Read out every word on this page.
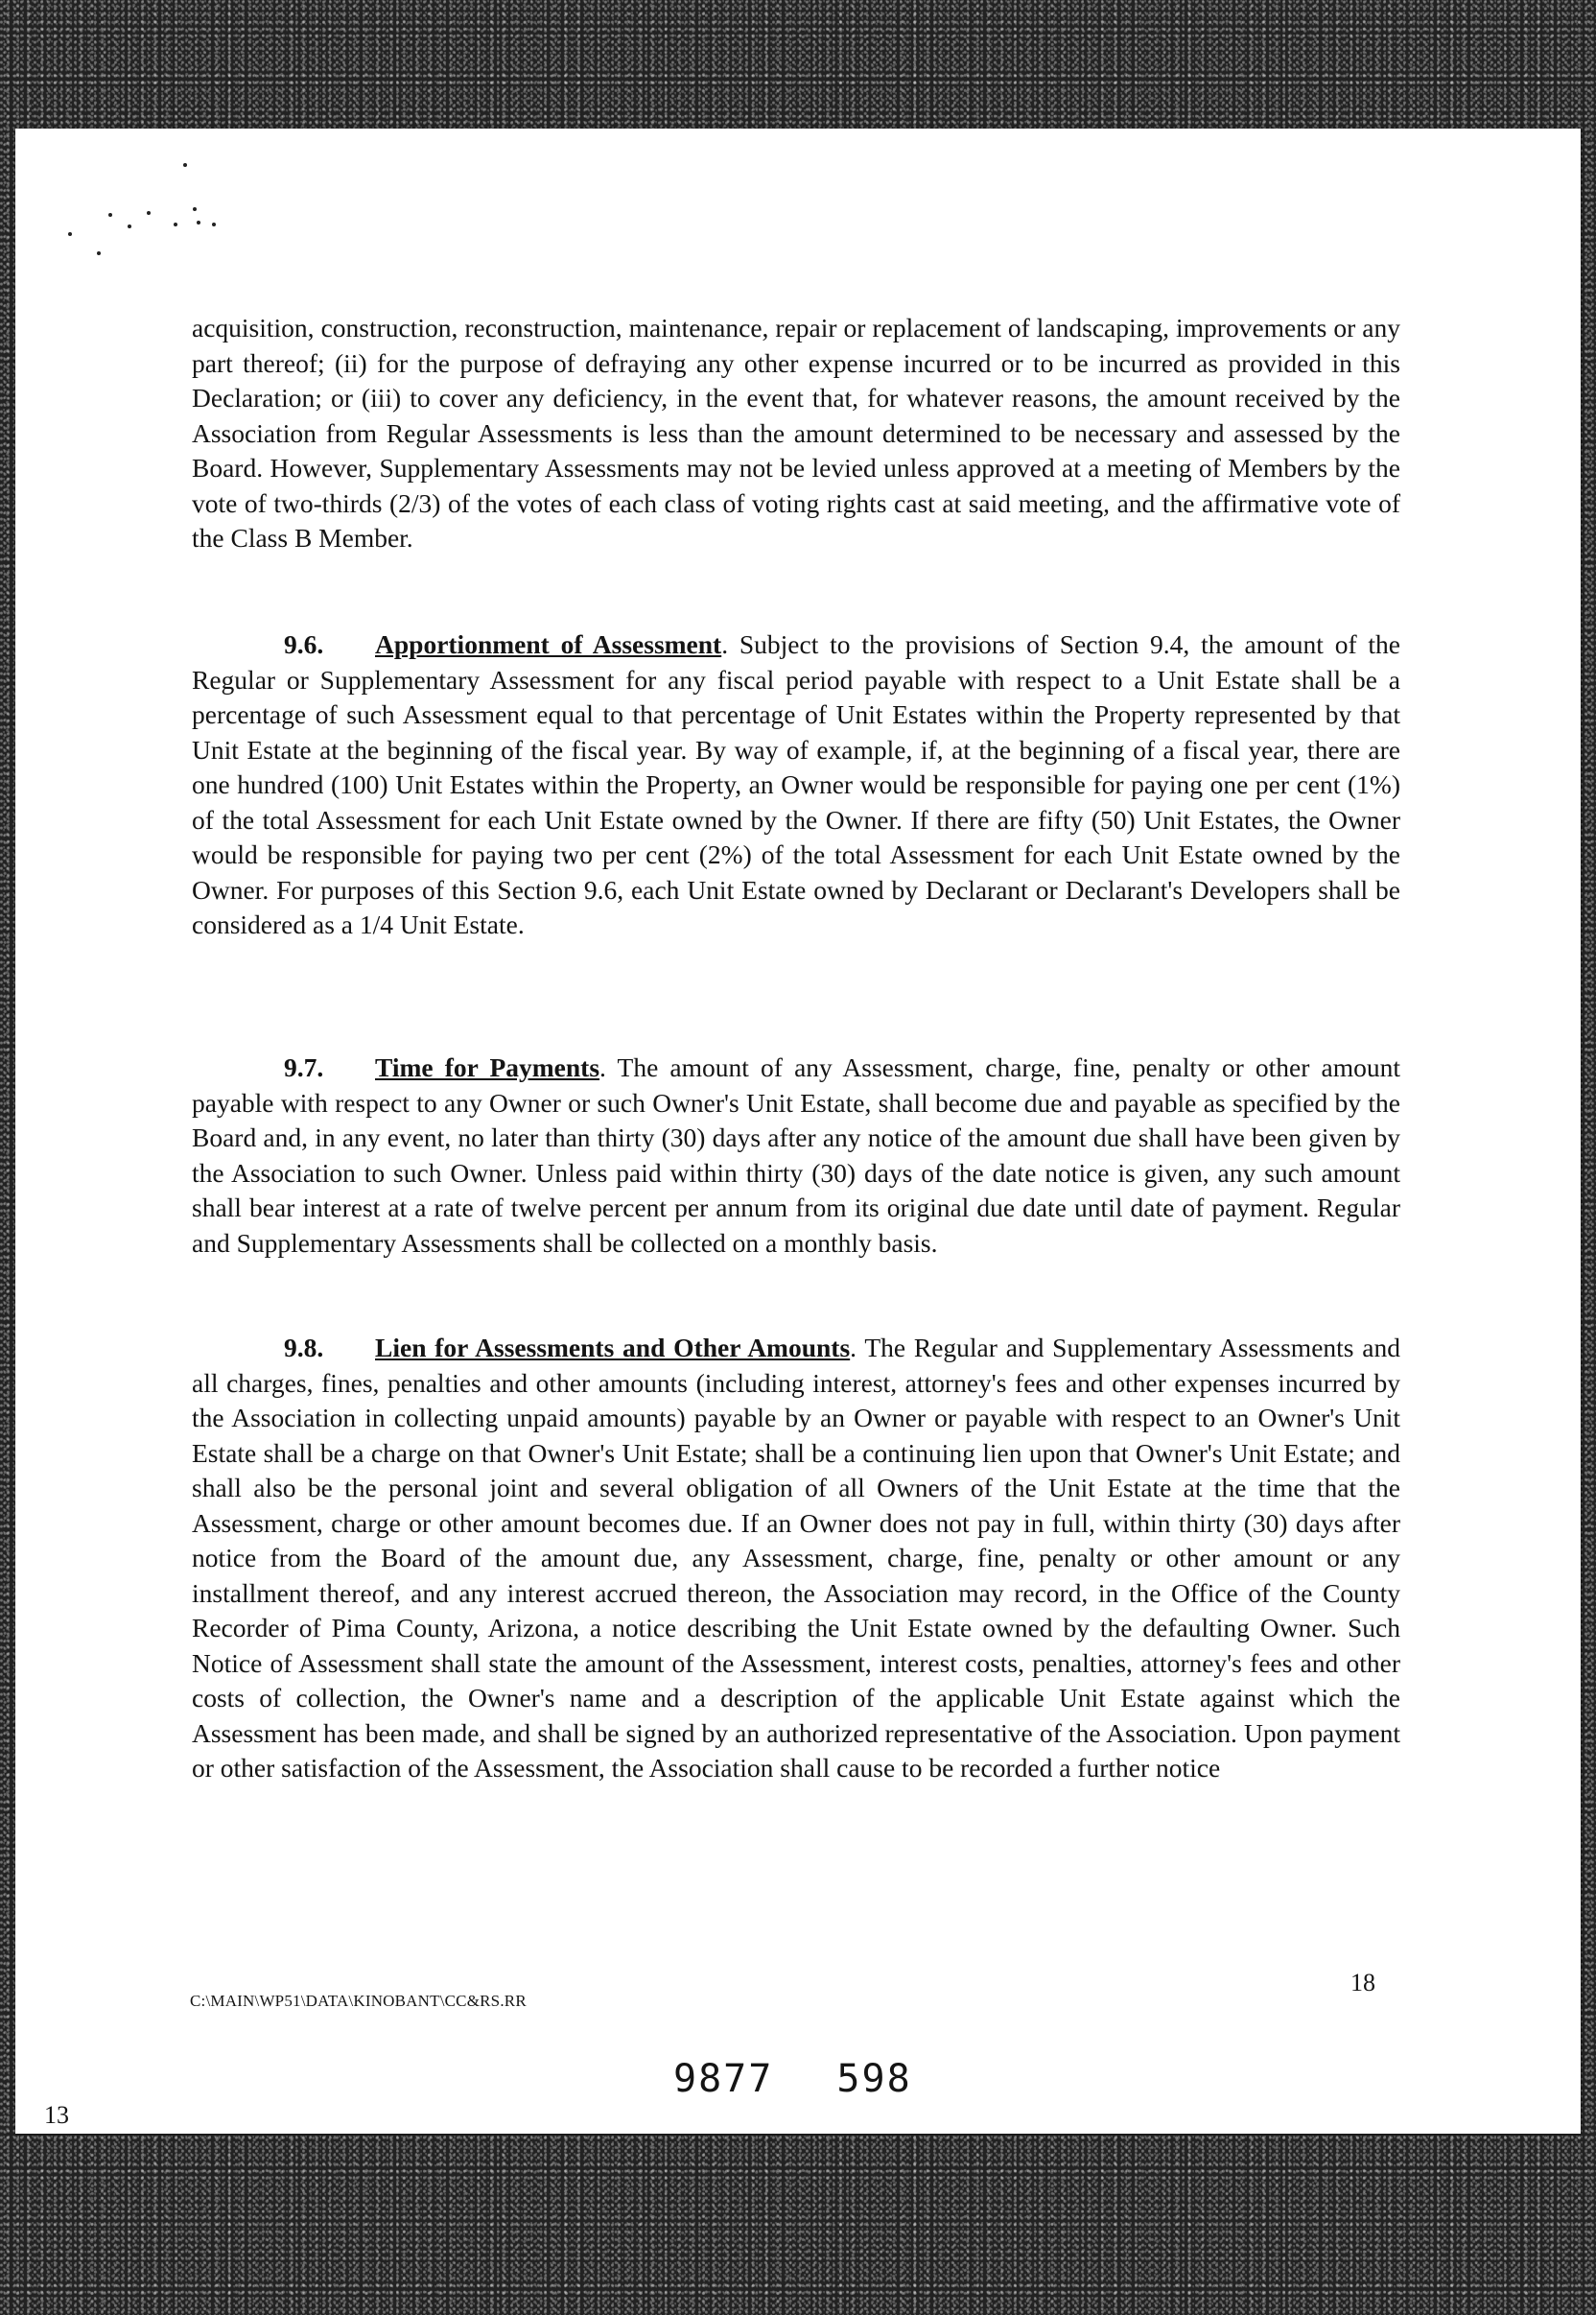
acquisition, construction, reconstruction, maintenance, repair or replacement of landscaping, improvements or any part thereof; (ii) for the purpose of defraying any other expense incurred or to be incurred as provided in this Declaration; or (iii) to cover any deficiency, in the event that, for whatever reasons, the amount received by the Association from Regular Assessments is less than the amount determined to be necessary and assessed by the Board. However, Supplementary Assessments may not be levied unless approved at a meeting of Members by the vote of two-thirds (2/3) of the votes of each class of voting rights cast at said meeting, and the affirmative vote of the Class B Member.

9.6. Apportionment of Assessment. Subject to the provisions of Section 9.4, the amount of the Regular or Supplementary Assessment for any fiscal period payable with respect to a Unit Estate shall be a percentage of such Assessment equal to that percentage of Unit Estates within the Property represented by that Unit Estate at the beginning of the fiscal year. By way of example, if, at the beginning of a fiscal year, there are one hundred (100) Unit Estates within the Property, an Owner would be responsible for paying one per cent (1%) of the total Assessment for each Unit Estate owned by the Owner. If there are fifty (50) Unit Estates, the Owner would be responsible for paying two per cent (2%) of the total Assessment for each Unit Estate owned by the Owner. For purposes of this Section 9.6, each Unit Estate owned by Declarant or Declarant's Developers shall be considered as a 1/4 Unit Estate.

9.7. Time for Payments. The amount of any Assessment, charge, fine, penalty or other amount payable with respect to any Owner or such Owner's Unit Estate, shall become due and payable as specified by the Board and, in any event, no later than thirty (30) days after any notice of the amount due shall have been given by the Association to such Owner. Unless paid within thirty (30) days of the date notice is given, any such amount shall bear interest at a rate of twelve percent per annum from its original due date until date of payment. Regular and Supplementary Assessments shall be collected on a monthly basis.

9.8. Lien for Assessments and Other Amounts. The Regular and Supplementary Assessments and all charges, fines, penalties and other amounts (including interest, attorney's fees and other expenses incurred by the Association in collecting unpaid amounts) payable by an Owner or payable with respect to an Owner's Unit Estate shall be a charge on that Owner's Unit Estate; shall be a continuing lien upon that Owner's Unit Estate; and shall also be the personal joint and several obligation of all Owners of the Unit Estate at the time that the Assessment, charge or other amount becomes due. If an Owner does not pay in full, within thirty (30) days after notice from the Board of the amount due, any Assessment, charge, fine, penalty or other amount or any installment thereof, and any interest accrued thereon, the Association may record, in the Office of the County Recorder of Pima County, Arizona, a notice describing the Unit Estate owned by the defaulting Owner. Such Notice of Assessment shall state the amount of the Assessment, interest costs, penalties, attorney's fees and other costs of collection, the Owner's name and a description of the applicable Unit Estate against which the Assessment has been made, and shall be signed by an authorized representative of the Association. Upon payment or other satisfaction of the Assessment, the Association shall cause to be recorded a further notice

C:\MAIN\WP51\DATA\KINOBANT\CC&RS.RR
18
9877 598
13
